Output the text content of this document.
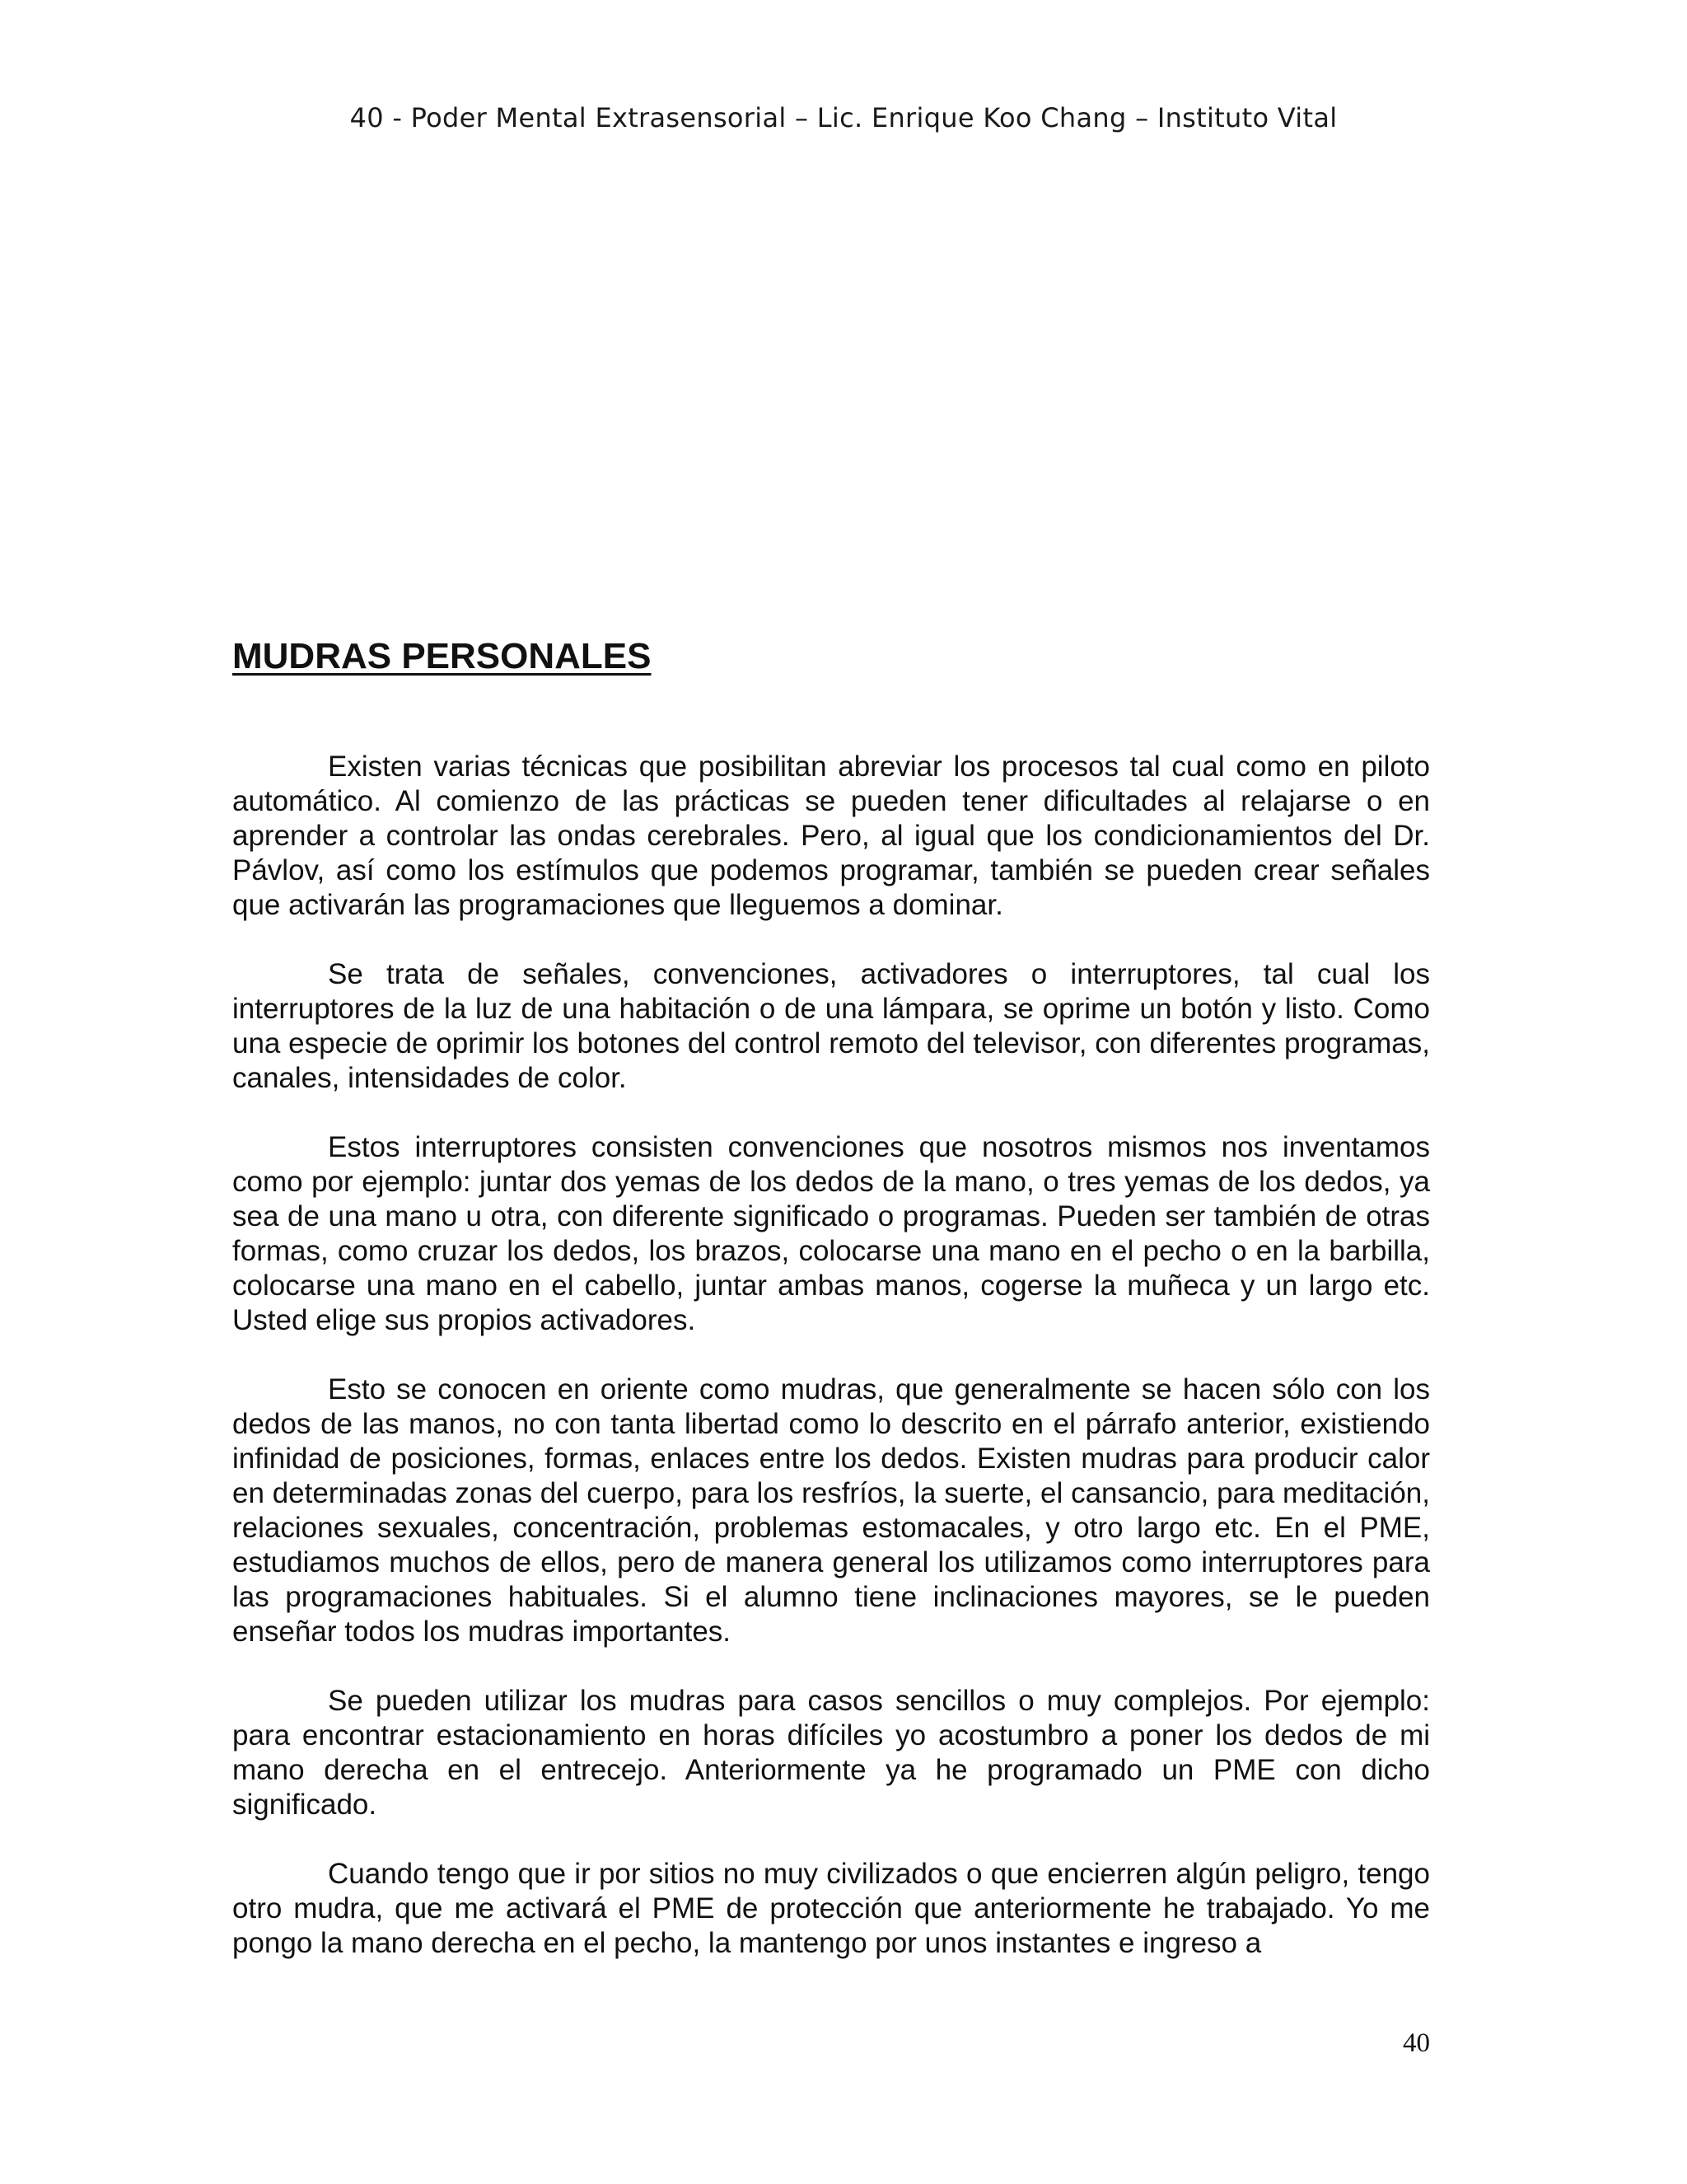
40 - Poder Mental Extrasensorial – Lic. Enrique Koo Chang – Instituto Vital

MUDRAS PERSONALES

Existen varias técnicas que posibilitan abreviar los procesos tal cual como en piloto automático. Al comienzo de las prácticas se pueden tener dificultades al relajarse o en aprender a controlar las ondas cerebrales. Pero, al igual que los condicionamientos del Dr. Pávlov, así como los estímulos que podemos programar, también se pueden crear señales que activarán las programaciones que lleguemos a dominar.

Se trata de señales, convenciones, activadores o interruptores, tal cual los interruptores de la luz de una habitación o de una lámpara, se oprime un botón y listo. Como una especie de oprimir los botones del control remoto del televisor, con diferentes programas, canales, intensidades de color.

Estos interruptores consisten convenciones que nosotros mismos nos inventamos como por ejemplo: juntar dos yemas de los dedos de la mano, o tres yemas de los dedos, ya sea de una mano u otra, con diferente significado o programas. Pueden ser también de otras formas, como cruzar los dedos, los brazos, colocarse una mano en el pecho o en la barbilla, colocarse una mano en el cabello, juntar ambas manos, cogerse la muñeca y un largo etc. Usted elige sus propios activadores.

Esto se conocen en oriente como mudras, que generalmente se hacen sólo con los dedos de las manos, no con tanta libertad como lo descrito en el párrafo anterior, existiendo infinidad de posiciones, formas, enlaces entre los dedos. Existen mudras para producir calor en determinadas zonas del cuerpo, para los resfríos, la suerte, el cansancio, para meditación, relaciones sexuales, concentración, problemas estomacales, y otro largo etc. En el PME, estudiamos muchos de ellos, pero de manera general los utilizamos como interruptores para las programaciones habituales. Si el alumno tiene inclinaciones mayores, se le pueden enseñar todos los mudras importantes.

Se pueden utilizar los mudras para casos sencillos o muy complejos. Por ejemplo: para encontrar estacionamiento en horas difíciles yo acostumbro a poner los dedos de mi mano derecha en el entrecejo. Anteriormente ya he programado un PME con dicho significado.

Cuando tengo que ir por sitios no muy civilizados o que encierren algún peligro, tengo otro mudra, que me activará el PME de protección que anteriormente he trabajado. Yo me pongo la mano derecha en el pecho, la mantengo por unos instantes e ingreso a

40
